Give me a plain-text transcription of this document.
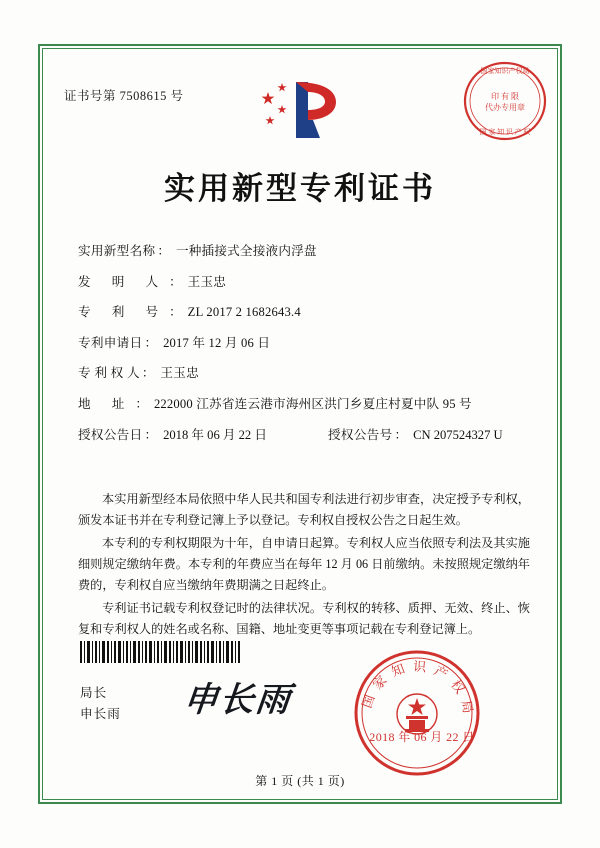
证书号第 7508615 号
国家知识产权局
印 有 限
代办专用章
国 家 知 识 产 权
实用新型专利证书
实用新型名称 ： 一种插接式全接液内浮盘
发 明 人 ： 王玉忠
专 利 号 ： ZL 2017 2 1682643.4
专利申请日 ： 2017 年 12 月 06 日
专 利 权 人 ： 王玉忠
地 址 ： 222000 江苏省连云港市海州区洪门乡夏庄村夏中队 95 号
授权公告日 ： 2018 年 06 月 22 日	授权公告号 ： CN 207524327 U

本实用新型经本局依照中华人民共和国专利法进行初步审查，决定授予专利权，颁发本证书并在专利登记簿上予以登记。专利权自授权公告之日起生效。

本专利的专利权期限为十年，自申请日起算。专利权人应当依照专利法及其实施细则规定缴纳年费。本专利的年费应当在每年 12 月 06 日前缴纳。未按照规定缴纳年费的，专利权自应当缴纳年费期满之日起终止。

专利证书记载专利权登记时的法律状况。专利权的转移、质押、无效、终止、恢复和专利权人的姓名或名称、国籍、地址变更等事项记载在专利登记簿上。

局长
申长雨 申长雨	国 家 知 识 产 权 局
2018 年 06 月 22 日
第 1 页 (共 1 页)
